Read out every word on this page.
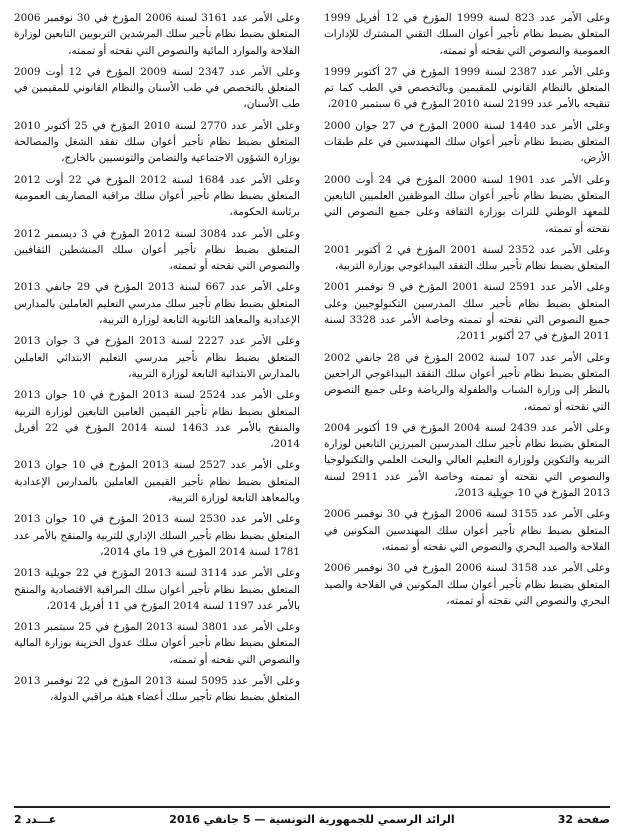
وعلى الأمر عدد 823 لسنة 1999 المؤرخ في 12 أفريل 1999 المتعلق بضبط نظام تأجير أعوان السلك التقني المشترك للإدارات العمومية والنصوص التي نقحته أو تممته،

وعلى الأمر عدد 2387 لسنة 1999 المؤرخ في 27 أكتوبر 1999 المتعلق بالنظام القانوني للمقيمين وبالتخصص في الطب كما تم تنقيحه بالأمر عدد 2199 لسنة 2010 المؤرخ في 6 سبتمبر 2010،

وعلى الأمر عدد 1440 لسنة 2000 المؤرخ في 27 جوان 2000 المتعلق بضبط نظام تأجير أعوان سلك المهندسين في علم طبقات الأرض،

وعلى الأمر عدد 1901 لسنة 2000 المؤرخ في 24 أوت 2000 المتعلق بضبط نظام تأجير أعوان سلك الموظفين العلميين التابعين للمعهد الوطني للتراث بوزارة الثقافة وعلى جميع النصوص التي نقحته أو تممته،

وعلى الأمر عدد 2352 لسنة 2001 المؤرخ في 2 أكتوبر 2001 المتعلق بضبط نظام تأجير سلك التفقد البيداغوجي بوزارة التربية،

وعلى الأمر عدد 2591 لسنة 2001 المؤرخ في 9 نوفمبر 2001 المتعلق بضبط نظام تأجير سلك المدرسين التكنولوجيين وعلى جميع النصوص التي نقحته أو تممته وخاصة الأمر عدد 3328 لسنة 2011 المؤرخ في 27 أكتوبر 2011،

وعلى الأمر عدد 107 لسنة 2002 المؤرخ في 28 جانفي 2002 المتعلق بضبط نظام تأجير أعوان سلك التفقد البيداغوجي الراجعين بالنظر إلى وزارة الشباب والطفولة والرياضة وعلى جميع النصوص التي نقحته أو تممته،

وعلى الأمر عدد 2439 لسنة 2004 المؤرخ في 19 أكتوبر 2004 المتعلق بضبط نظام تأجير سلك المدرسين المبرزين التابعين لوزارة التربية والتكوين ولوزارة التعليم العالي والبحث العلمي والتكنولوجيا والنصوص التي نقحته أو تممته وخاصة الأمر عدد 2911 لسنة 2013 المؤرخ في 10 جويلية 2013،

وعلى الأمر عدد 3155 لسنة 2006 المؤرخ في 30 نوفمبر 2006 المتعلق بضبط نظام تأجير أعوان سلك المهندسين المكونين في الفلاحة والصيد البحري والنصوص التي نقحته أو تممته،

وعلى الأمر عدد 3158 لسنة 2006 المؤرخ في 30 نوفمبر 2006 المتعلق بضبط نظام تأجير أعوان سلك المكونين في الفلاحة والصيد البحري والنصوص التي نقحته أو تممته،

وعلى الأمر عدد 3161 لسنة 2006 المؤرخ في 30 نوفمبر 2006 المتعلق بضبط نظام تأجير سلك المرشدين التربويين التابعين لوزارة الفلاحة والموارد المائية والنصوص التي نقحته أو تممته،

وعلى الأمر عدد 2347 لسنة 2009 المؤرخ في 12 أوت 2009 المتعلق بالتخصص في طب الأسنان والنظام القانوني للمقيمين في طب الأسنان،

وعلى الأمر عدد 2770 لسنة 2010 المؤرخ في 25 أكتوبر 2010 المتعلق بضبط نظام تأجير أعوان سلك تفقد الشغل والمصالحة بوزارة الشؤون الاجتماعية والتضامن والتونسيين بالخارج،

وعلى الأمر عدد 1684 لسنة 2012 المؤرخ في 22 أوت 2012 المتعلق بضبط نظام تأجير أعوان سلك مراقبة المصاريف العمومية برئاسة الحكومة،

وعلى الأمر عدد 3084 لسنة 2012 المؤرخ في 3 ديسمبر 2012 المتعلق بضبط نظام تأجير أعوان سلك المنشطين الثقافيين والنصوص التي نقحته أو تممته،

وعلى الأمر عدد 667 لسنة 2013 المؤرخ في 29 جانفي 2013 المتعلق بضبط نظام تأجير سلك مدرسي التعليم العاملين بالمدارس الإعدادية والمعاهد الثانوية التابعة لوزارة التربية،

وعلى الأمر عدد 2227 لسنة 2013 المؤرخ في 3 جوان 2013 المتعلق بضبط نظام تأجير مدرسي التعليم الابتدائي العاملين بالمدارس الابتدائية التابعة لوزارة التربية،

وعلى الأمر عدد 2524 لسنة 2013 المؤرخ في 10 جوان 2013 المتعلق بضبط نظام تأجير القيمين العامين التابعين لوزارة التربية والمنقح بالأمر عدد 1463 لسنة 2014 المؤرخ في 22 أفريل 2014،

وعلى الأمر عدد 2527 لسنة 2013 المؤرخ في 10 جوان 2013 المتعلق بضبط نظام تأجير القيمين العاملين بالمدارس الإعدادية وبالمعاهد التابعة لوزارة التربية،

وعلى الأمر عدد 2530 لسنة 2013 المؤرخ في 10 جوان 2013 المتعلق بضبط نظام تأجير السلك الإداري للتربية والمنقح بالأمر عدد 1781 لسنة 2014 المؤرخ في 19 ماي 2014،

وعلى الأمر عدد 3114 لسنة 2013 المؤرخ في 22 جويلية 2013 المتعلق بضبط نظام تأجير أعوان سلك المراقبة الاقتصادية والمنقح بالأمر عدد 1197 لسنة 2014 المؤرخ في 11 أفريل 2014،

وعلى الأمر عدد 3801 لسنة 2013 المؤرخ في 25 سبتمبر 2013 المتعلق بضبط نظام تأجير أعوان سلك عدول الخزينة بوزارة المالية والنصوص التي نقحته أو تممته،

وعلى الأمر عدد 5095 لسنة 2013 المؤرخ في 22 نوفمبر 2013 المتعلق بضبط نظام تأجير سلك أعضاء هيئة مراقبي الدولة،

صفحة 32
الرائد الرسمي للجمهورية التونسية — 5 جانفي 2016
عـــدد 2
